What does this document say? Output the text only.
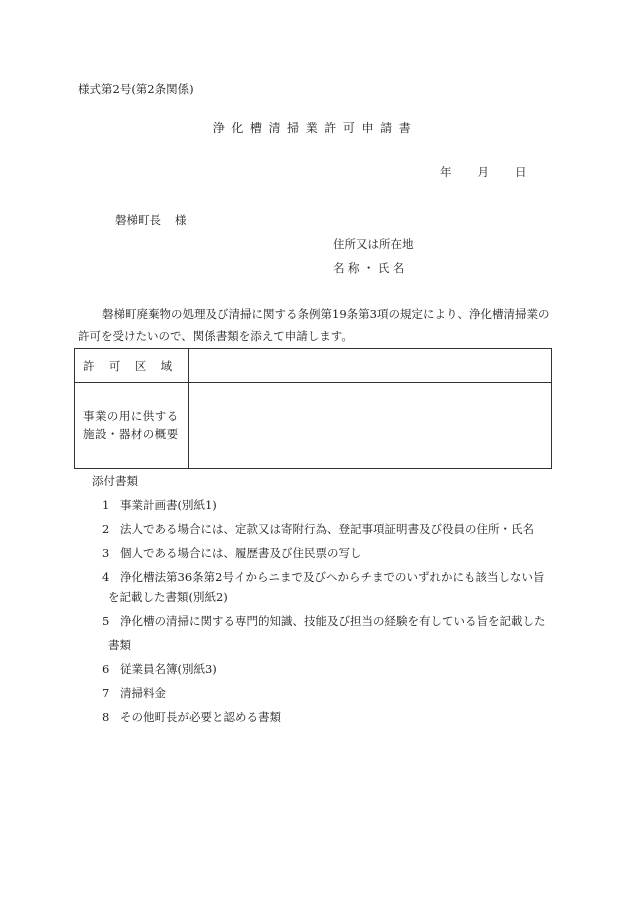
様式第2号(第2条関係)
浄化槽清掃業許可申請書
年 月 日
磐梯町長 様
住所又は所在地
名称・氏名
磐梯町廃棄物の処理及び清掃に関する条例第19条第3項の規定により、浄化槽清掃業の
許可を受けたいので、関係書類を添えて申請します。
許可区域	

事業の用に供する
施設・器材の概要	

添付書類
1 事業計画書(別紙1)
2 法人である場合には、定款又は寄附行為、登記事項証明書及び役員の住所・氏名
3 個人である場合には、履歴書及び住民票の写し
4 浄化槽法第36条第2号イからニまで及びヘからチまでのいずれかにも該当しない旨
を記載した書類(別紙2)
5 浄化槽の清掃に関する専門的知識、技能及び担当の経験を有している旨を記載した
書類
6 従業員名簿(別紙3)
7 清掃料金
8 その他町長が必要と認める書類
